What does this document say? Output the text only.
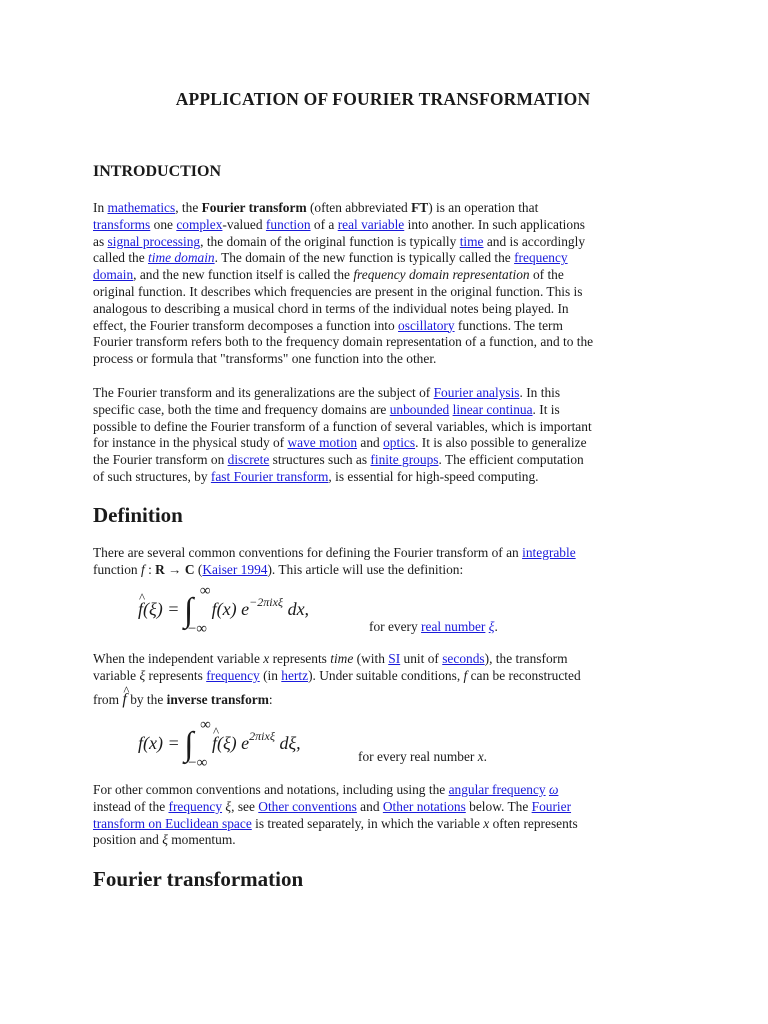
APPLICATION OF FOURIER TRANSFORMATION
INTRODUCTION
In mathematics, the Fourier transform (often abbreviated FT) is an operation that
transforms one complex-valued function of a real variable into another. In such applications
as signal processing, the domain of the original function is typically time and is accordingly
called the time domain. The domain of the new function is typically called the frequency
domain, and the new function itself is called the frequency domain representation of the
original function. It describes which frequencies are present in the original function. This is
analogous to describing a musical chord in terms of the individual notes being played. In
effect, the Fourier transform decomposes a function into oscillatory functions. The term
Fourier transform refers both to the frequency domain representation of a function, and to the
process or formula that "transforms" one function into the other.
The Fourier transform and its generalizations are the subject of Fourier analysis. In this
specific case, both the time and frequency domains are unbounded linear continua. It is
possible to define the Fourier transform of a function of several variables, which is important
for instance in the physical study of wave motion and optics. It is also possible to generalize
the Fourier transform on discrete structures such as finite groups. The efficient computation
of such structures, by fast Fourier transform, is essential for high-speed computing.
Definition
There are several common conventions for defining the Fourier transform of an integrable
function f : R → C (Kaiser 1994). This article will use the definition:
^ f(ξ) = ∫
∞
−∞
f(x) $e^{-2\pi ix\xi}$ dx,
for every real number ξ.
When the independent variable x represents time (with SI unit of seconds), the transform
variable ξ represents frequency (in hertz). Under suitable conditions, f can be reconstructed
from ^ f by the inverse transform:
f(x) = ∫
∞
−∞
^ f(ξ) $e^{2\pi ix\xi}$ dξ,
for every real number x.
For other common conventions and notations, including using the angular frequency ω
instead of the frequency ξ, see Other conventions and Other notations below. The Fourier
transform on Euclidean space is treated separately, in which the variable x often represents
position and ξ momentum.
Fourier transformation
